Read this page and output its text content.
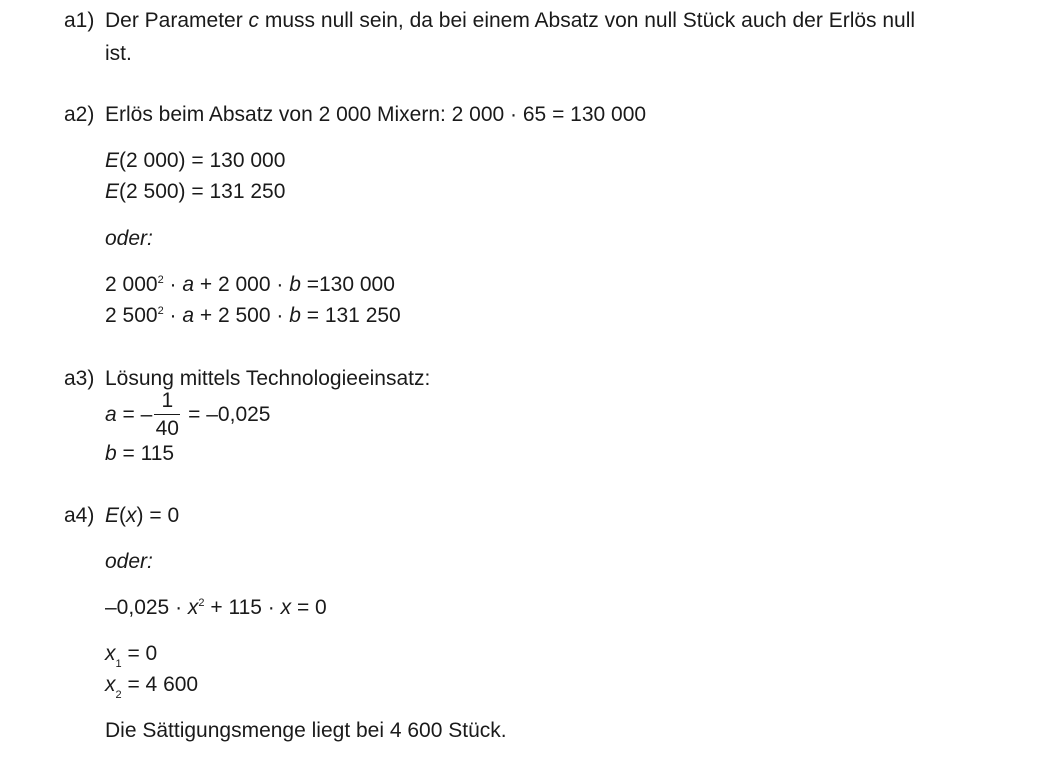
a1) Der Parameter c muss null sein, da bei einem Absatz von null Stück auch der Erlös null
ist.
a2) Erlös beim Absatz von 2 000 Mixern: 2 000 · 65 = 130 000
E(2 000) = 130 000
E(2 500) = 131 250
oder:
2 $000^2 \cdot a + 2$ 000 · b =130 000
2 $500^2 \cdot a + 2$ 500 · b = 131 250
a3) Lösung mittels Technologieeinsatz:
a = – $\frac{1}{40} = -0,025$
b = 115
a4) E(x) = 0
oder:
$-0,025 \cdot x^2 + 115 \cdot x = 0$
$x_1 = 0$
$x_2 = 4$ 600
Die Sättigungsmenge liegt bei 4 600 Stück.
